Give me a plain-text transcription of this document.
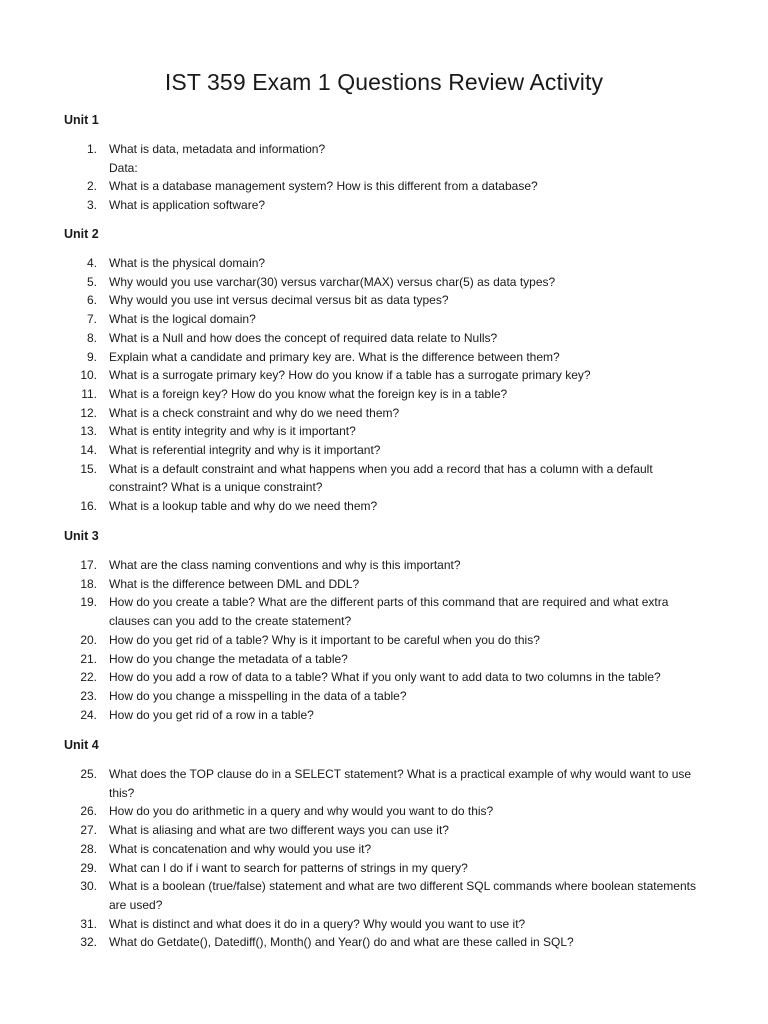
IST 359 Exam 1 Questions Review Activity
Unit 1
1. What is data, metadata and information?
Data:
2. What is a database management system? How is this different from a database?
3. What is application software?
Unit 2
4. What is the physical domain?
5. Why would you use varchar(30) versus varchar(MAX) versus char(5) as data types?
6. Why would you use int versus decimal versus bit as data types?
7. What is the logical domain?
8. What is a Null and how does the concept of required data relate to Nulls?
9. Explain what a candidate and primary key are. What is the difference between them?
10. What is a surrogate primary key? How do you know if a table has a surrogate primary key?
11. What is a foreign key? How do you know what the foreign key is in a table?
12. What is a check constraint and why do we need them?
13. What is entity integrity and why is it important?
14. What is referential integrity and why is it important?
15. What is a default constraint and what happens when you add a record that has a column with a default constraint? What is a unique constraint?
16. What is a lookup table and why do we need them?
Unit 3
17. What are the class naming conventions and why is this important?
18. What is the difference between DML and DDL?
19. How do you create a table? What are the different parts of this command that are required and what extra clauses can you add to the create statement?
20. How do you get rid of a table? Why is it important to be careful when you do this?
21. How do you change the metadata of a table?
22. How do you add a row of data to a table? What if you only want to add data to two columns in the table?
23. How do you change a misspelling in the data of a table?
24. How do you get rid of a row in a table?
Unit 4
25. What does the TOP clause do in a SELECT statement? What is a practical example of why would want to use this?
26. How do you do arithmetic in a query and why would you want to do this?
27. What is aliasing and what are two different ways you can use it?
28. What is concatenation and why would you use it?
29. What can I do if i want to search for patterns of strings in my query?
30. What is a boolean (true/false) statement and what are two different SQL commands where boolean statements are used?
31. What is distinct and what does it do in a query? Why would you want to use it?
32. What do Getdate(), Datediff(), Month() and Year() do and what are these called in SQL?
